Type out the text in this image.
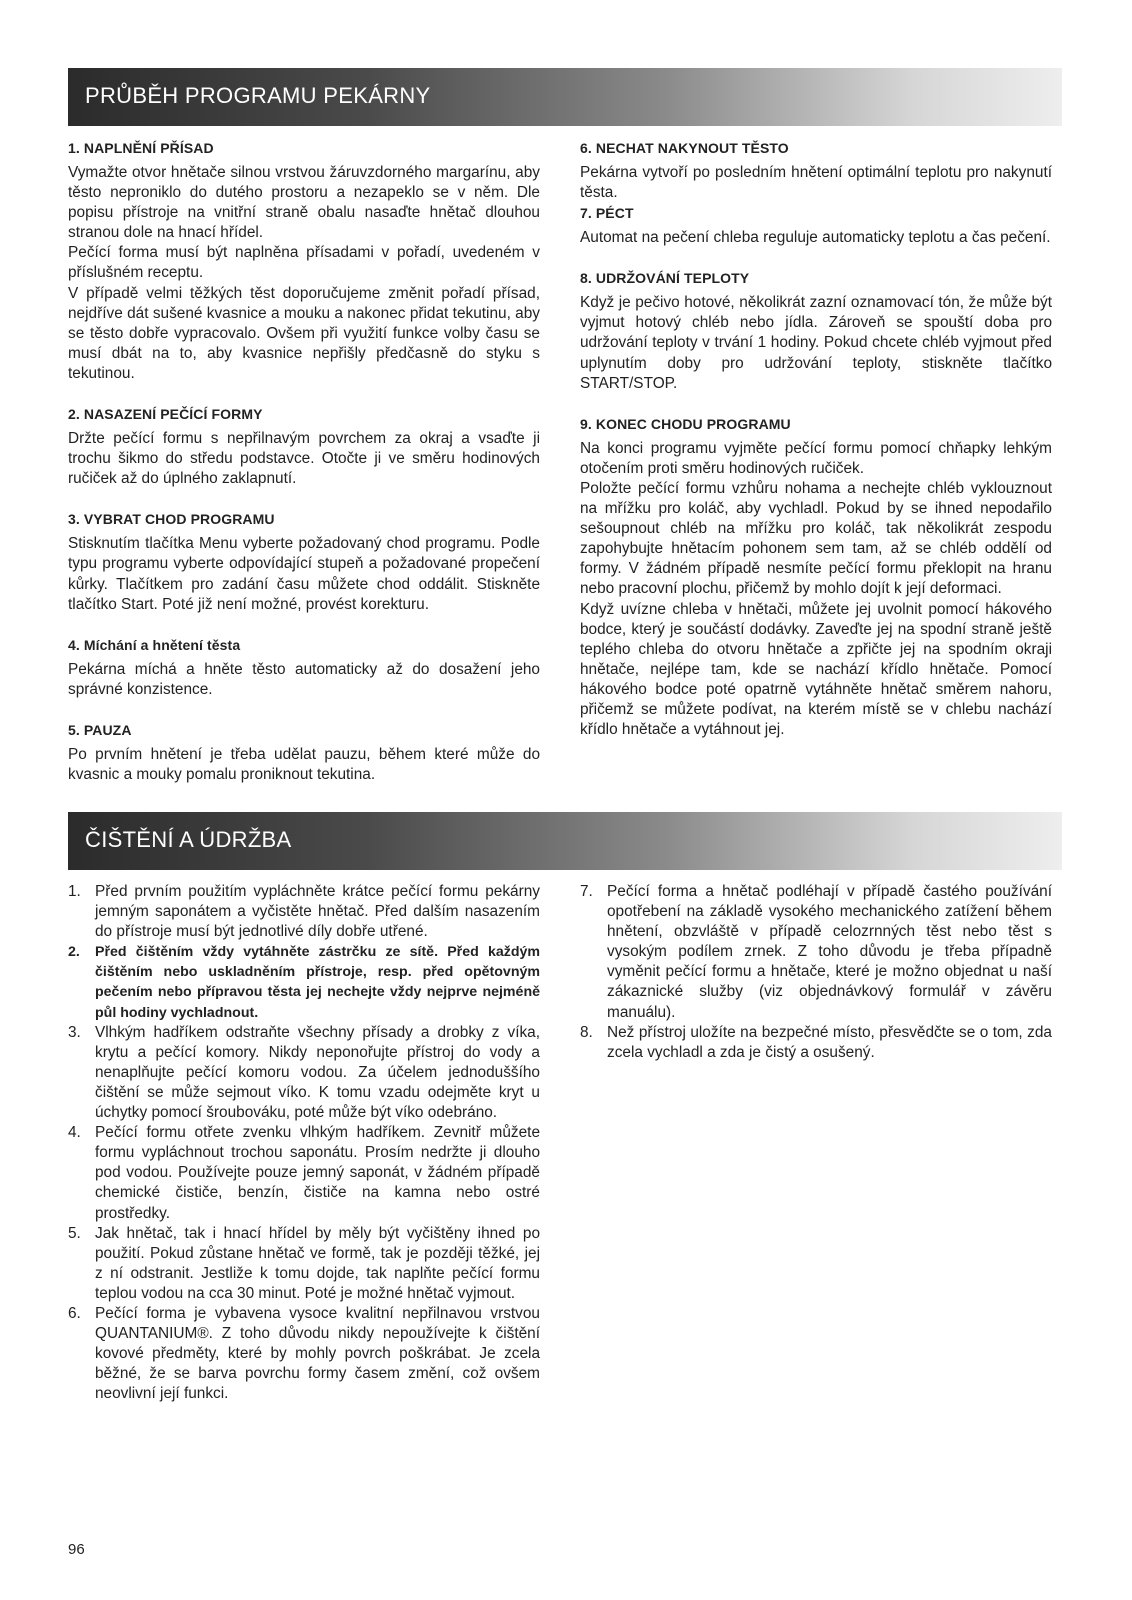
PRŮBĚH PROGRAMU PEKÁRNY
1. NAPLNĚNÍ PŘÍSAD

Vymažte otvor hnětače silnou vrstvou žáruvzdorného margarínu, aby těsto neproniklo do dutého prostoru a nezapeklo se v něm. Dle popisu přístroje na vnitřní straně obalu nasaďte hnětač dlouhou stranou dole na hnací hřídel.

Pečící forma musí být naplněna přísadami v pořadí, uvedeném v příslušném receptu.

V případě velmi těžkých těst doporučujeme změnit pořadí přísad, nejdříve dát sušené kvasnice a mouku a nakonec přidat tekutinu, aby se těsto dobře vypracovalo. Ovšem při využití funkce volby času se musí dbát na to, aby kvasnice nepřišly předčasně do styku s tekutinou.

2. NASAZENÍ PEČÍCÍ FORMY

Držte pečící formu s nepřilnavým povrchem za okraj a vsaďte ji trochu šikmo do středu podstavce. Otočte ji ve směru hodinových ručiček až do úplného zaklapnutí.

3. VYBRAT CHOD PROGRAMU

Stisknutím tlačítka Menu vyberte požadovaný chod programu. Podle typu programu vyberte odpovídající stupeň a požadované propečení kůrky. Tlačítkem pro zadání času můžete chod oddálit. Stiskněte tlačítko Start. Poté již není možné, provést korekturu.

4. Míchání a hnětení těsta

Pekárna míchá a hněte těsto automaticky až do dosažení jeho správné konzistence.

5. PAUZA

Po prvním hnětení je třeba udělat pauzu, během které může do kvasnic a mouky pomalu proniknout tekutina.

6. NECHAT NAKYNOUT TĚSTO

Pekárna vytvoří po posledním hnětení optimální teplotu pro nakynutí těsta.

7. PÉCT

Automat na pečení chleba reguluje automaticky teplotu a čas pečení.

8. UDRŽOVÁNÍ TEPLOTY

Když je pečivo hotové, několikrát zazní oznamovací tón, že může být vyjmut hotový chléb nebo jídla. Zároveň se spouští doba pro udržování teploty v trvání 1 hodiny. Pokud chcete chléb vyjmout před uplynutím doby pro udržování teploty, stiskněte tlačítko START/STOP.

9. KONEC CHODU PROGRAMU

Na konci programu vyjměte pečící formu pomocí chňapky lehkým otočením proti směru hodinových ručiček.

Položte pečící formu vzhůru nohama a nechejte chléb vyklouznout na mřížku pro koláč, aby vychladl. Pokud by se ihned nepodařilo sešoupnout chléb na mřížku pro koláč, tak několikrát zespodu zapohybujte hnětacím pohonem sem tam, až se chléb oddělí od formy. V žádném případě nesmíte pečící formu překlopit na hranu nebo pracovní plochu, přičemž by mohlo dojít k její deformaci.

Když uvízne chleba v hnětači, můžete jej uvolnit pomocí hákového bodce, který je součástí dodávky. Zaveďte jej na spodní straně ještě teplého chleba do otvoru hnětače a zpřičte jej na spodním okraji hnětače, nejlépe tam, kde se nachází křídlo hnětače. Pomocí hákového bodce poté opatrně vytáhněte hnětač směrem nahoru, přičemž se můžete podívat, na kterém místě se v chlebu nachází křídlo hnětače a vytáhnout jej.

ČIŠTĚNÍ A ÚDRŽBA
1. Před prvním použitím vypláchněte krátce pečící formu pekárny jemným saponátem a vyčistěte hnětač. Před dalším nasazením do přístroje musí být jednotlivé díly dobře utřené.
2. Před čištěním vždy vytáhněte zástrčku ze sítě. Před každým čištěním nebo uskladněním přístroje, resp. před opětovným pečením nebo přípravou těsta jej nechejte vždy nejprve nejméně půl hodiny vychladnout.
3. Vlhkým hadříkem odstraňte všechny přísady a drobky z víka, krytu a pečící komory. Nikdy neponořujte přístroj do vody a nenaplňujte pečící komoru vodou. Za účelem jednoduššího čištění se může sejmout víko. K tomu vzadu odejměte kryt u úchytky pomocí šroubováku, poté může být víko odebráno.
4. Pečící formu otřete zvenku vlhkým hadříkem. Zevnitř můžete formu vypláchnout trochou saponátu. Prosím nedržte ji dlouho pod vodou. Používejte pouze jemný saponát, v žádném případě chemické čističe, benzín, čističe na kamna nebo ostré prostředky.
5. Jak hnětač, tak i hnací hřídel by měly být vyčištěny ihned po použití. Pokud zůstane hnětač ve formě, tak je později těžké, jej z ní odstranit. Jestliže k tomu dojde, tak naplňte pečící formu teplou vodou na cca 30 minut. Poté je možné hnětač vyjmout.
6. Pečící forma je vybavena vysoce kvalitní nepřilnavou vrstvou QUANTANIUM®. Z toho důvodu nikdy nepoužívejte k čištění kovové předměty, které by mohly povrch poškrábat. Je zcela běžné, že se barva povrchu formy časem změní, což ovšem neovlivní její funkci.
7. Pečící forma a hnětač podléhají v případě častého používání opotřebení na základě vysokého mechanického zatížení během hnětení, obzvláště v případě celozrnných těst nebo těst s vysokým podílem zrnek. Z toho důvodu je třeba případně vyměnit pečící formu a hnětače, které je možno objednat u naší zákaznické služby (viz objednávkový formulář v závěru manuálu).
8. Než přístroj uložíte na bezpečné místo, přesvědčte se o tom, zda zcela vychladl a zda je čistý a osušený.
96
